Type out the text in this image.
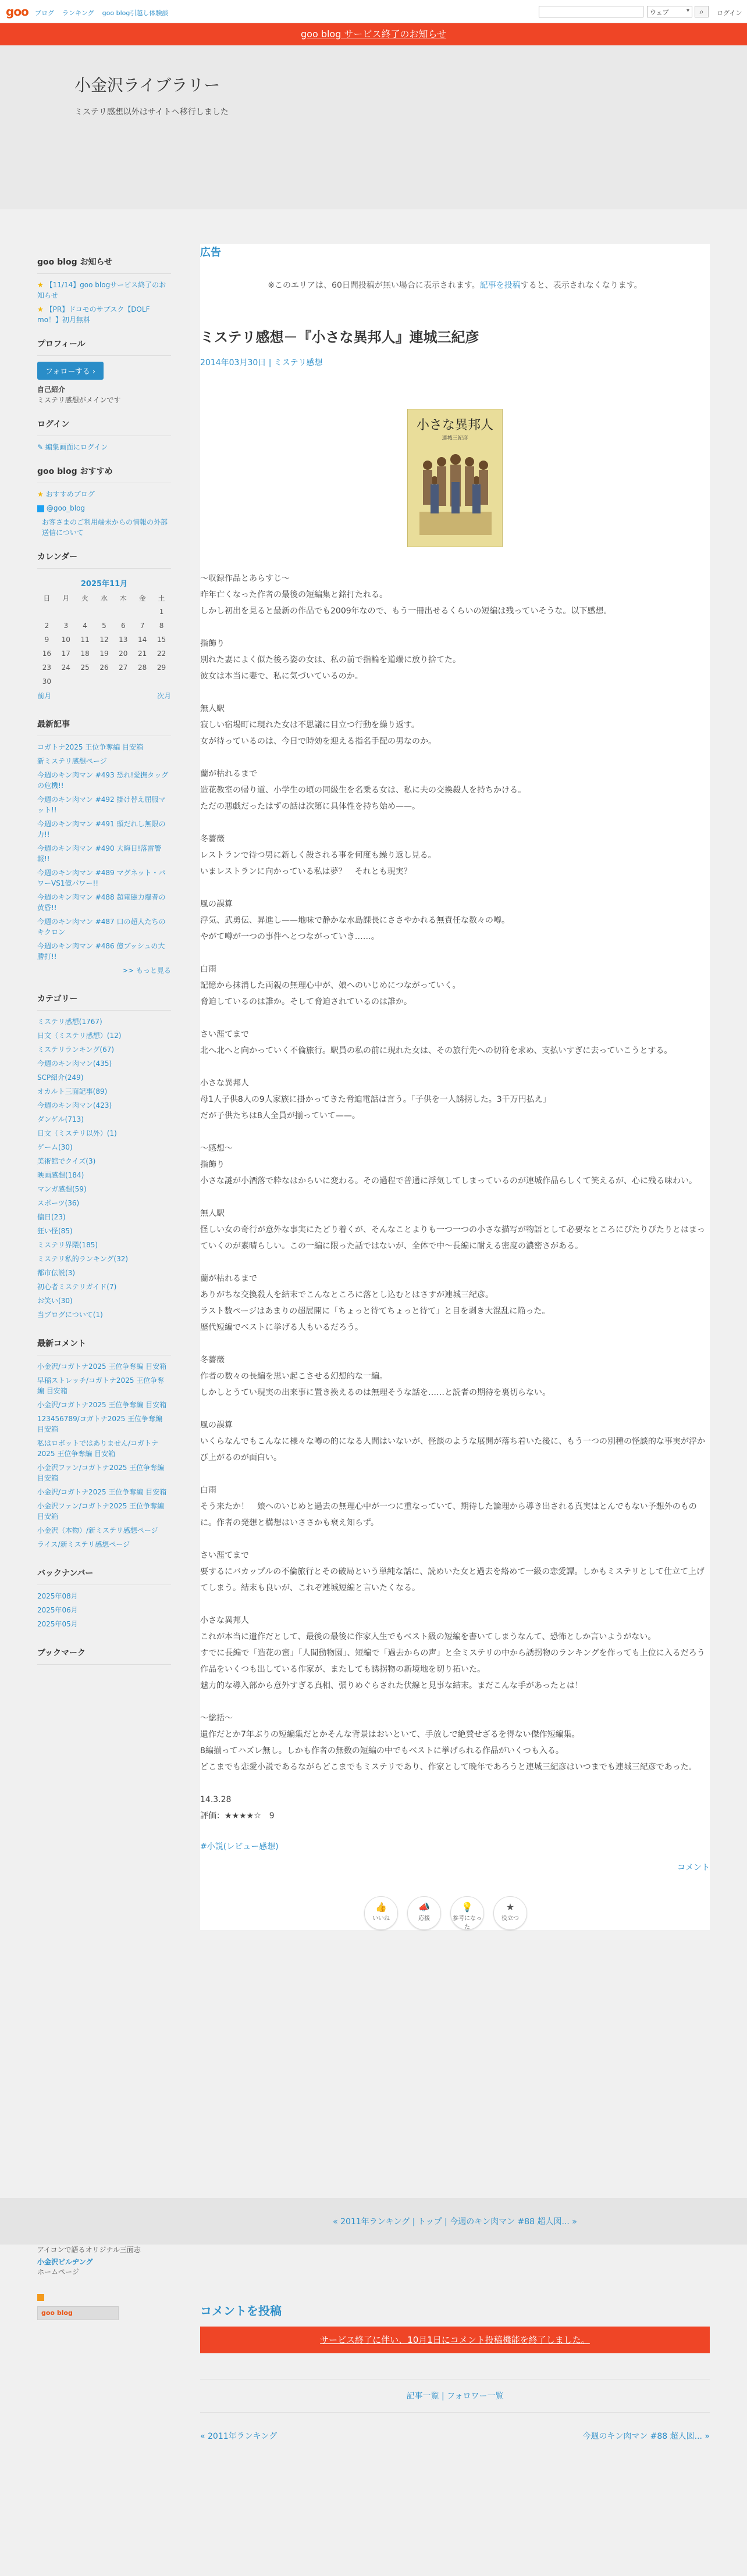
goo ブログ ランキング goo blog引越し体験談	ウェブ ▾	⌕	ログイン
goo blog サービス終了のお知らせ
小金沢ライブラリー
ミステリ感想以外はサイトへ移行しました
goo blog お知らせ
★ 【11/14】goo blogサービス終了のお知らせ
★ 【PR】ドコモのサブスク【DOLF mo！】初月無料
プロフィール
フォローする ›
自己紹介
ミステリ感想がメインです
ログイン
✎ 編集画面にログイン
goo blog おすすめ
★ おすすめブログ
@goo_blog
お客さまのご利用端末からの情報の外部送信について
カレンダー
2025年11月						
日	月	火	水	木	金	土
						1
2	3	4	5	6	7	8
9	10	11	12	13	14	15
16	17	18	19	20	21	22
23	24	25	26	27	28	29
30						
前月	次月
最新記事
コガトナ2025 王位争奪編 目安箱
新ミステリ感想ページ
今週のキン肉マン #493 恐れ!愛撫タッグの危機!!
今週のキン肉マン #492 掛け替え屈服マット!!
今週のキン肉マン #491 頭だれし無限の力!!
今週のキン肉マン #490 大晦日!落雷警報!!
今週のキン肉マン #489 マグネット・パワーVS1億パワー!!
今週のキン肉マン #488 超電磁力爆者の黄昏!!
今週のキン肉マン #487 口の超人たちのキクロン
今週のキン肉マン #486 億ブッシュの大勝打!!
>> もっと見る
カテゴリー
ミステリ感想(1767)
日文（ミステリ感想）(12)
ミステリランキング(67)
今週のキン肉マン(435)
SCP紹介(249)
オカルト三面記事(89)
今週のキン肉マン(423)
ダンゲル(713)
日文（ミステリ以外）(1)
ゲーム(30)
美術館でクイズ(3)
映画感想(184)
マンガ感想(59)
スポーツ(36)
偏日(23)
狂い怪(85)
ミステリ界隈(185)
ミステリ私的ランキング(32)
都市伝説(3)
初心者ミステリガイド(7)
お笑い(30)
当ブログについて(1)
最新コメント
小金沢/コガトナ2025 王位争奪編 目安箱
早稲ストレッチ/コガトナ2025 王位争奪編 目安箱
小金沢/コガトナ2025 王位争奪編 目安箱
123456789/コガトナ2025 王位争奪編 目安箱
私はロボットではありません/コガトナ2025 王位争奪編 目安箱
小金沢ファン/コガトナ2025 王位争奪編 目安箱
小金沢/コガトナ2025 王位争奪編 目安箱
小金沢ファン/コガトナ2025 王位争奪編 目安箱
小金沢（本物）/新ミステリ感想ページ
ライス/新ミステリ感想ページ
バックナンバー
2025年08月
2025年06月
2025年05月
ブックマーク
広告
※このエリアは、60日間投稿が無い場合に表示されます。記事を投稿すると、表示されなくなります。
ミステリ感想－『小さな異邦人』連城三紀彦
2014年03月30日 | ミステリ感想
小さな異邦人
連城三紀彦
〜収録作品とあらすじ〜
昨年亡くなった作者の最後の短編集と銘打たれる。
しかし初出を見ると最新の作品でも2009年なので、もう一冊出せるくらいの短編は残っていそうな。以下感想。
指飾り
別れた妻によく似た後ろ姿の女は、私の前で指輪を道端に放り捨てた。
彼女は本当に妻で、私に気づいているのか。
無人駅
寂しい宿場町に現れた女は不思議に目立つ行動を繰り返す。
女が待っているのは、今日で時効を迎える指名手配の男なのか。
蘭が枯れるまで
造花教室の帰り道、小学生の頃の同級生を名乗る女は、私に夫の交換殺人を持ちかける。
ただの悪戯だったはずの話は次第に具体性を持ち始め——。
冬薔薇
レストランで待つ男に新しく殺される事を何度も繰り返し見る。
いまレストランに向かっている私は夢？　それとも現実？
風の誤算
浮気、武勇伝、昇進し——地味で静かな水島課長にささやかれる無責任な数々の噂。
やがて噂が一つの事件へとつながっていき……。
白雨
記憶から抹消した両親の無理心中が、娘へのいじめにつながっていく。
脅迫しているのは誰か。そして脅迫されているのは誰か。
さい涯てまで
北へ北へと向かっていく不倫旅行。駅員の私の前に現れた女は、その旅行先への切符を求め、支払いすぎに去っていこうとする。
小さな異邦人
母1人子供8人の9人家族に掛かってきた脅迫電話は言う。「子供を一人誘拐した。3千万円払え」
だが子供たちは8人全員が揃っていて——。
〜感想〜
指飾り
小さな謎が小酒落で粋なはからいに変わる。その過程で普通に浮気してしまっているのが連城作品らしくて笑えるが、心に残る味わい。
無人駅
怪しい女の奇行が意外な事実にたどり着くが、そんなことよりも一つ一つの小さな描写が物語として必要なところにぴたりぴたりとはまっていくのが素晴らしい。この一編に限った話ではないが、全体で中〜長編に耐える密度の濃密さがある。
蘭が枯れるまで
ありがちな交換殺人を結末でこんなところに落とし込むとはさすが連城三紀彦。
ラスト数ページはあまりの超展開に「ちょっと待てちょっと待て」と目を剥き大混乱に陥った。
歴代短編でベストに挙げる人もいるだろう。
冬薔薇
作者の数々の長編を思い起こさせる幻想的な一編。
しかしとうてい現実の出来事に置き換えるのは無理そうな話を……と読者の期待を裏切らない。
風の誤算
いくらなんでもこんなに様々な噂の的になる人間はいないが、怪談のような展開が落ち着いた後に、もう一つの別種の怪談的な事実が浮かび上がるのが面白い。
白雨
そう来たか！　娘へのいじめと過去の無理心中が一つに重なっていて、期待した論理から導き出される真実はとんでもない予想外のものに。作者の発想と構想はいささかも衰え知らず。
さい涯てまで
要するにバカップルの不倫旅行とその破局という単純な話に、読めいた女と過去を絡めて一級の恋愛譚。しかもミステリとして仕立て上げてしまう。結末も良いが、これぞ連城短編と言いたくなる。
小さな異邦人
これが本当に遺作だとして、最後の最後に作家人生でもベスト級の短編を書いてしまうなんて、恐怖としか言いようがない。
すでに長編で「造花の蜜」「人間動物園」、短編で「過去からの声」と全ミステリの中から誘拐物のランキングを作っても上位に入るだろう作品をいくつも出している作家が、またしても誘拐物の新境地を切り拓いた。
魅力的な導入部から意外すぎる真相、張りめぐらされた伏線と見事な結末。まだこんな手があったとは！
〜総括〜
遺作だとか7年ぶりの短編集だとかそんな背景はおいといて、手放しで絶賛せざるを得ない傑作短編集。
8編揃ってハズレ無し。しかも作者の無数の短編の中でもベストに挙げられる作品がいくつも入る。
どこまでも恋愛小説であるながらどこまでもミステリであり、作家として晩年であろうと連城三紀彦はいつまでも連城三紀彦であった。
14.3.28
評価：★★★★☆　9
#小説(レビュー感想)
コメント
👍
いいね
📣
応援
💡
参考になった
★
役立つ
« 2011年ランキング | トップ | 今週のキン肉マン #88 超人図... »
アイコンで語るオリジナル三面志
小金沢ビルヂング
ホームページ
goo blog	コメントを投稿
サービス終了に伴い、10月1日にコメント投稿機能を終了しました。
記事一覧 | フォロワー一覧
« 2011年ランキング	今週のキン肉マン #88 超人図... »
